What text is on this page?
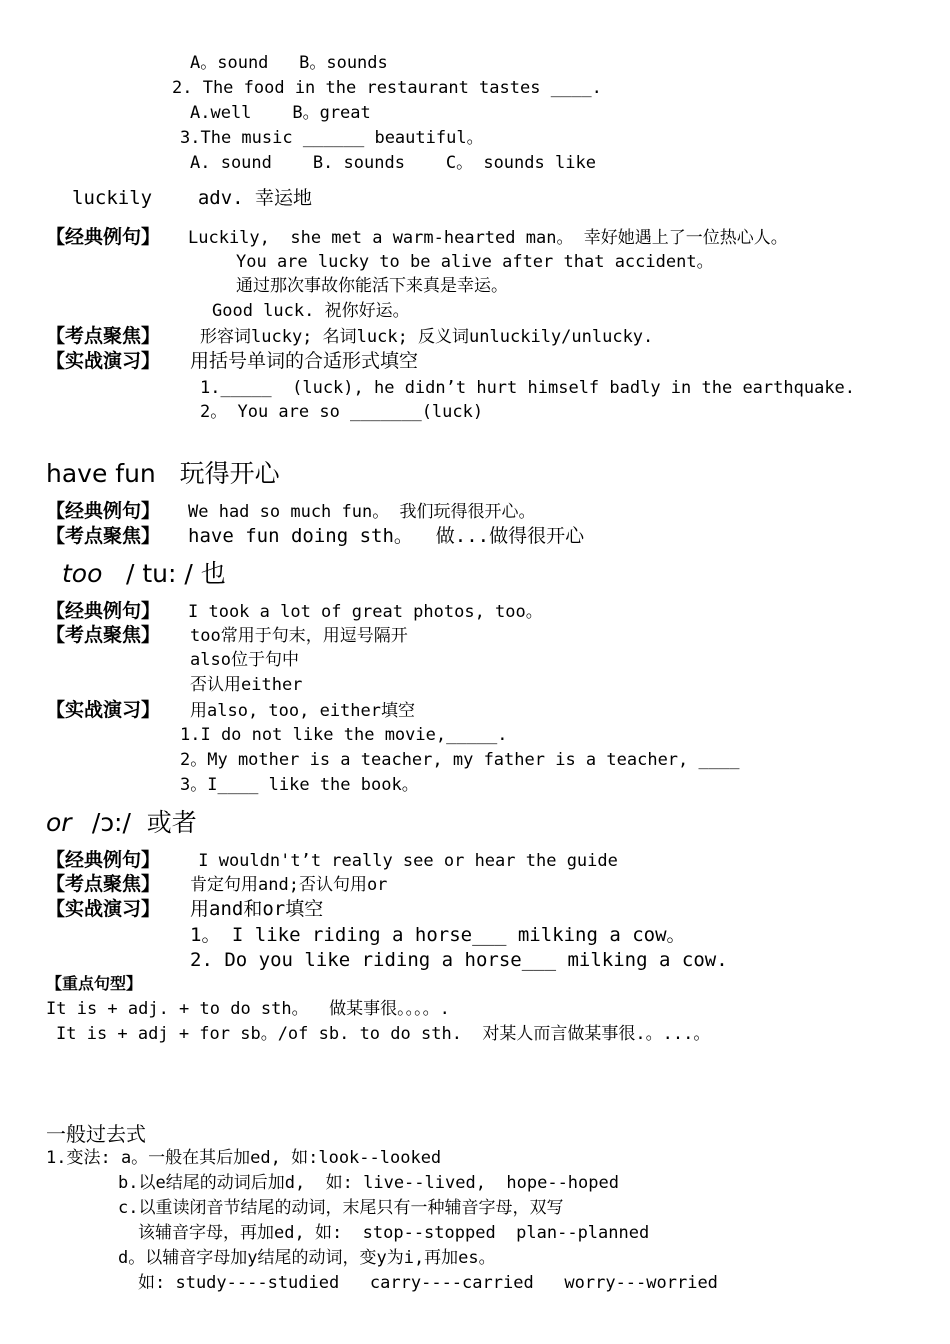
A。sound   B。sounds
2. The food in the restaurant tastes ____.
A.well    B。great
3.The music ______ beautiful。
A. sound    B. sounds    C。 sounds like
luckily    adv. 幸运地
【经典例句】 Luckily,  she met a warm-hearted man。 幸好她遇上了一位热心人。
You are lucky to be alive after that accident。
通过那次事故你能活下来真是幸运。
Good luck. 祝你好运。
【考点聚焦】 形容词lucky; 名词luck; 反义词unluckily/unlucky.
【实战演习】 用括号单词的合适形式填空
1._____  (luck), he didn’t hurt himself badly in the earthquake.
2。 You are so _______(luck)
have fun   玩得开心
【经典例句】 We had so much fun。 我们玩得很开心。
【考点聚焦】 have fun doing sth。  做...做得很开心
too / tu: / 也
【经典例句】 I took a lot of great photos, too。
【考点聚焦】 too常用于句末，用逗号隔开
also位于句中
否认用either
【实战演习】 用also, too, either填空
1.I do not like the movie,_____.
2。My mother is a teacher, my father is a teacher, ____
3。I____ like the book。
or /ɔ:/  或者
【经典例句】 I wouldn't’t really see or hear the guide
【考点聚焦】 肯定句用and;否认句用or
【实战演习】 用and和or填空
1。 I like riding a horse___ milking a cow。
2. Do you like riding a horse___ milking a cow.
【重点句型】
It is + adj. + to do sth。  做某事很。。。。.
It is + adj + for sb。/of sb. to do sth.  对某人而言做某事很.。...。
一般过去式
1.变法: a。一般在其后加ed, 如:look--looked
b.以e结尾的动词后加d,  如: live--lived,  hope--hoped
c.以重读闭音节结尾的动词，末尾只有一种辅音字母，双写
该辅音字母，再加ed, 如:  stop--stopped  plan--planned
d。以辅音字母加y结尾的动词，变y为i,再加es。
如: study----studied   carry----carried   worry---worried
